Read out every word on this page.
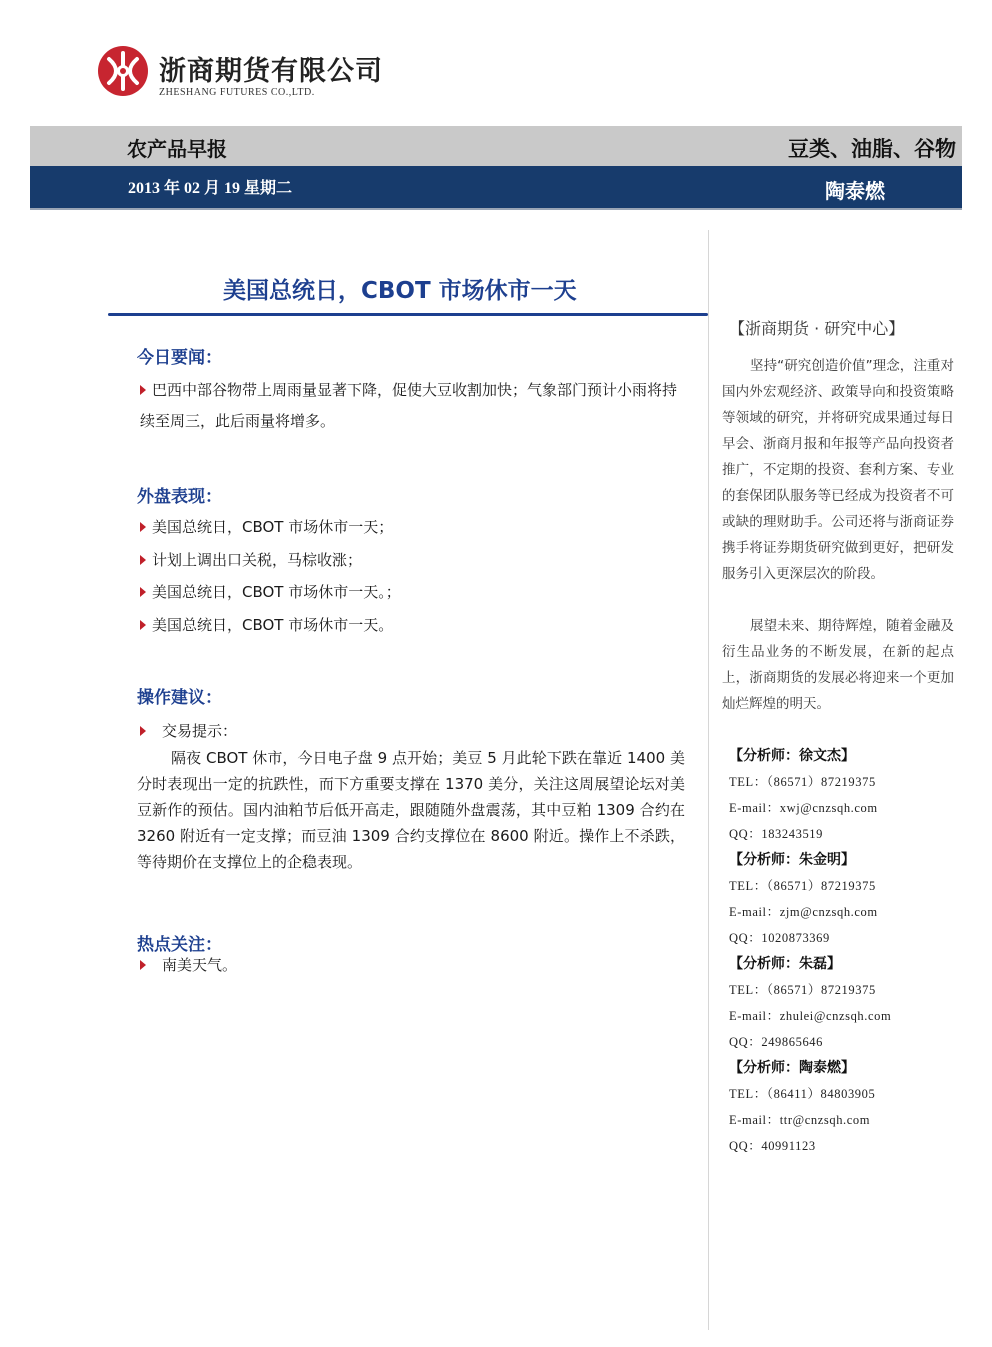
浙商期货有限公司
ZHESHANG FUTURES CO.,LTD.
农产品早报	豆类、油脂、谷物
2013 年 02 月 19 星期二	陶泰燃
美国总统日，CBOT 市场休市一天
今日要闻：
巴西中部谷物带上周雨量显著下降，促使大豆收割加快；气象部门预计小雨将持续至周三，此后雨量将增多。
外盘表现：
美国总统日，CBOT 市场休市一天；
计划上调出口关税，马棕收涨；
美国总统日，CBOT 市场休市一天。；
美国总统日，CBOT 市场休市一天。
操作建议：
交易提示：
隔夜 CBOT 休市，今日电子盘 9 点开始；美豆 5 月此轮下跌在靠近 1400 美分时表现出一定的抗跌性，而下方重要支撑在 1370 美分，关注这周展望论坛对美豆新作的预估。国内油粕节后低开高走，跟随随外盘震荡，其中豆粕 1309 合约在 3260 附近有一定支撑；而豆油 1309 合约支撑位在 8600 附近。操作上不杀跌，等待期价在支撑位上的企稳表现。
热点关注：
南美天气。
【浙商期货 · 研究中心】
坚持“研究创造价值”理念，注重对国内外宏观经济、政策导向和投资策略等领域的研究，并将研究成果通过每日早会、浙商月报和年报等产品向投资者推广，不定期的投资、套利方案、专业的套保团队服务等已经成为投资者不可或缺的理财助手。公司还将与浙商证券携手将证券期货研究做到更好，把研发服务引入更深层次的阶段。
展望未来、期待辉煌，随着金融及衍生品业务的不断发展，在新的起点上，浙商期货的发展必将迎来一个更加灿烂辉煌的明天。
【分析师：徐文杰】
TEL：（86571）87219375
E-mail：xwj@cnzsqh.com
QQ：183243519
【分析师：朱金明】
TEL：（86571）87219375
E-mail：zjm@cnzsqh.com
QQ：1020873369
【分析师：朱磊】
TEL：（86571）87219375
E-mail：zhulei@cnzsqh.com
QQ：249865646
【分析师：陶泰燃】
TEL：（86411）84803905
E-mail：ttr@cnzsqh.com
QQ：40991123
